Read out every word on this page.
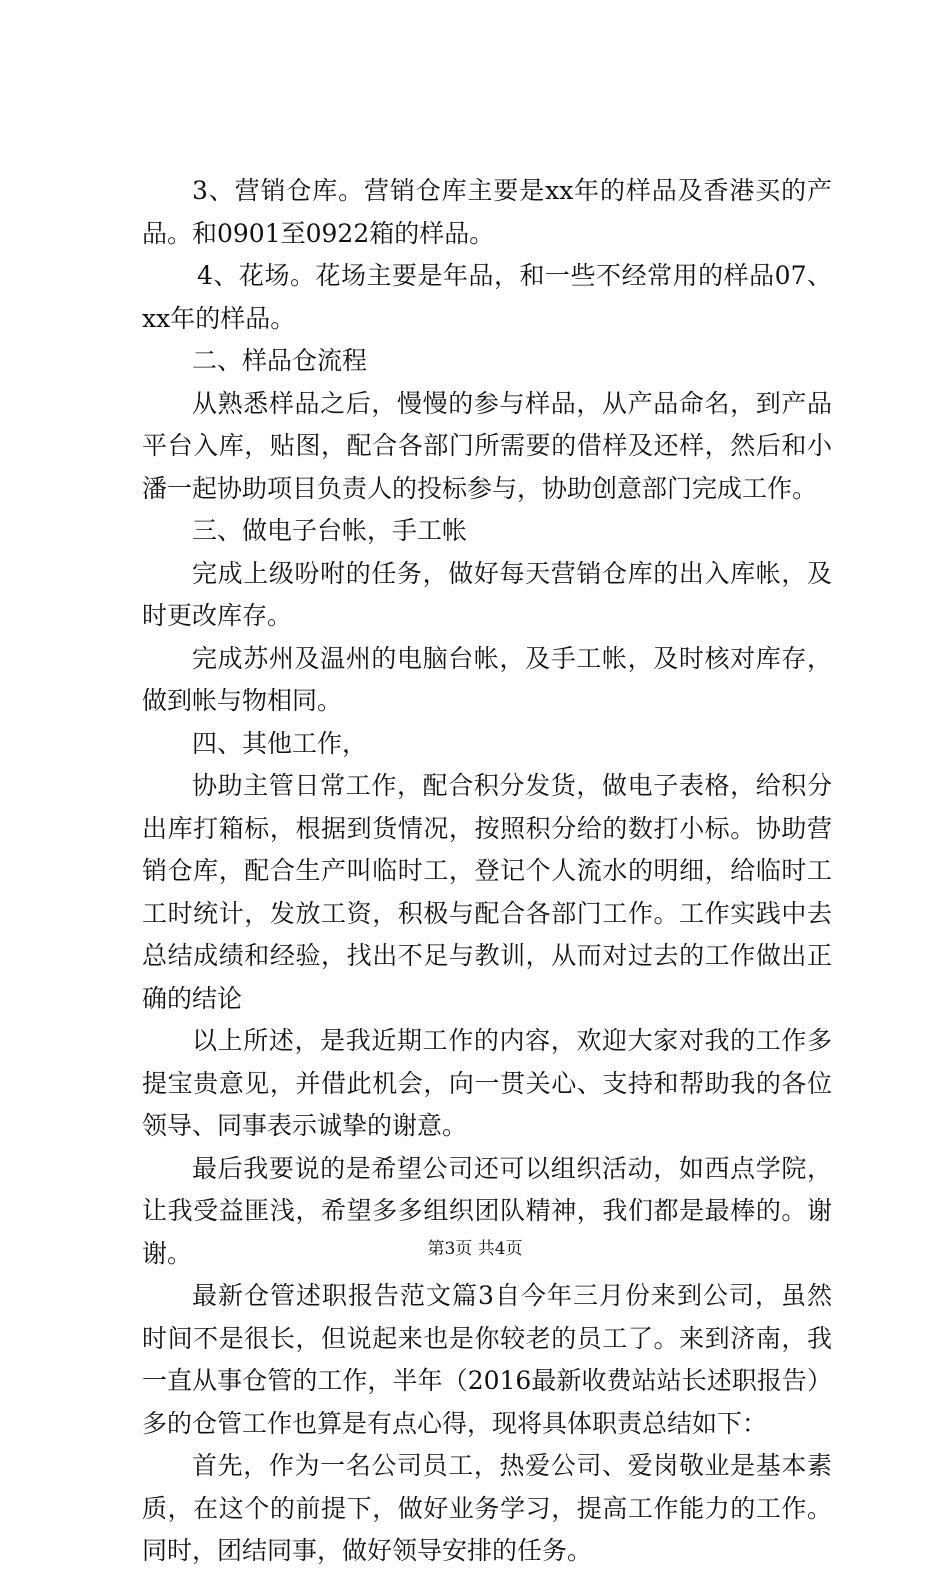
3、营销仓库。营销仓库主要是xx年的样品及香港买的产品。和0901至0922箱的样品。

4、花场。花场主要是年品，和一些不经常用的样品07、xx年的样品。

二、样品仓流程

从熟悉样品之后，慢慢的参与样品，从产品命名，到产品平台入库，贴图，配合各部门所需要的借样及还样，然后和小潘一起协助项目负责人的投标参与，协助创意部门完成工作。

三、做电子台帐，手工帐

完成上级吩咐的任务，做好每天营销仓库的出入库帐，及时更改库存。

完成苏州及温州的电脑台帐，及手工帐，及时核对库存，做到帐与物相同。

四、其他工作，

协助主管日常工作，配合积分发货，做电子表格，给积分出库打箱标，根据到货情况，按照积分给的数打小标。协助营销仓库，配合生产叫临时工，登记个人流水的明细，给临时工工时统计，发放工资，积极与配合各部门工作。工作实践中去总结成绩和经验，找出不足与教训，从而对过去的工作做出正确的结论

以上所述，是我近期工作的内容，欢迎大家对我的工作多提宝贵意见，并借此机会，向一贯关心、支持和帮助我的各位领导、同事表示诚挚的谢意。

最后我要说的是希望公司还可以组织活动，如西点学院，让我受益匪浅，希望多多组织团队精神，我们都是最棒的。谢谢。

最新仓管述职报告范文篇3自今年三月份来到公司，虽然时间不是很长，但说起来也是你较老的员工了。来到济南，我一直从事仓管的工作，半年（2016最新收费站站长述职报告）多的仓管工作也算是有点心得，现将具体职责总结如下：

首先，作为一名公司员工，热爱公司、爱岗敬业是基本素质，在这个的前提下，做好业务学习，提高工作能力的工作。同时，团结同事，做好领导安排的任务。

第3页 共4页
